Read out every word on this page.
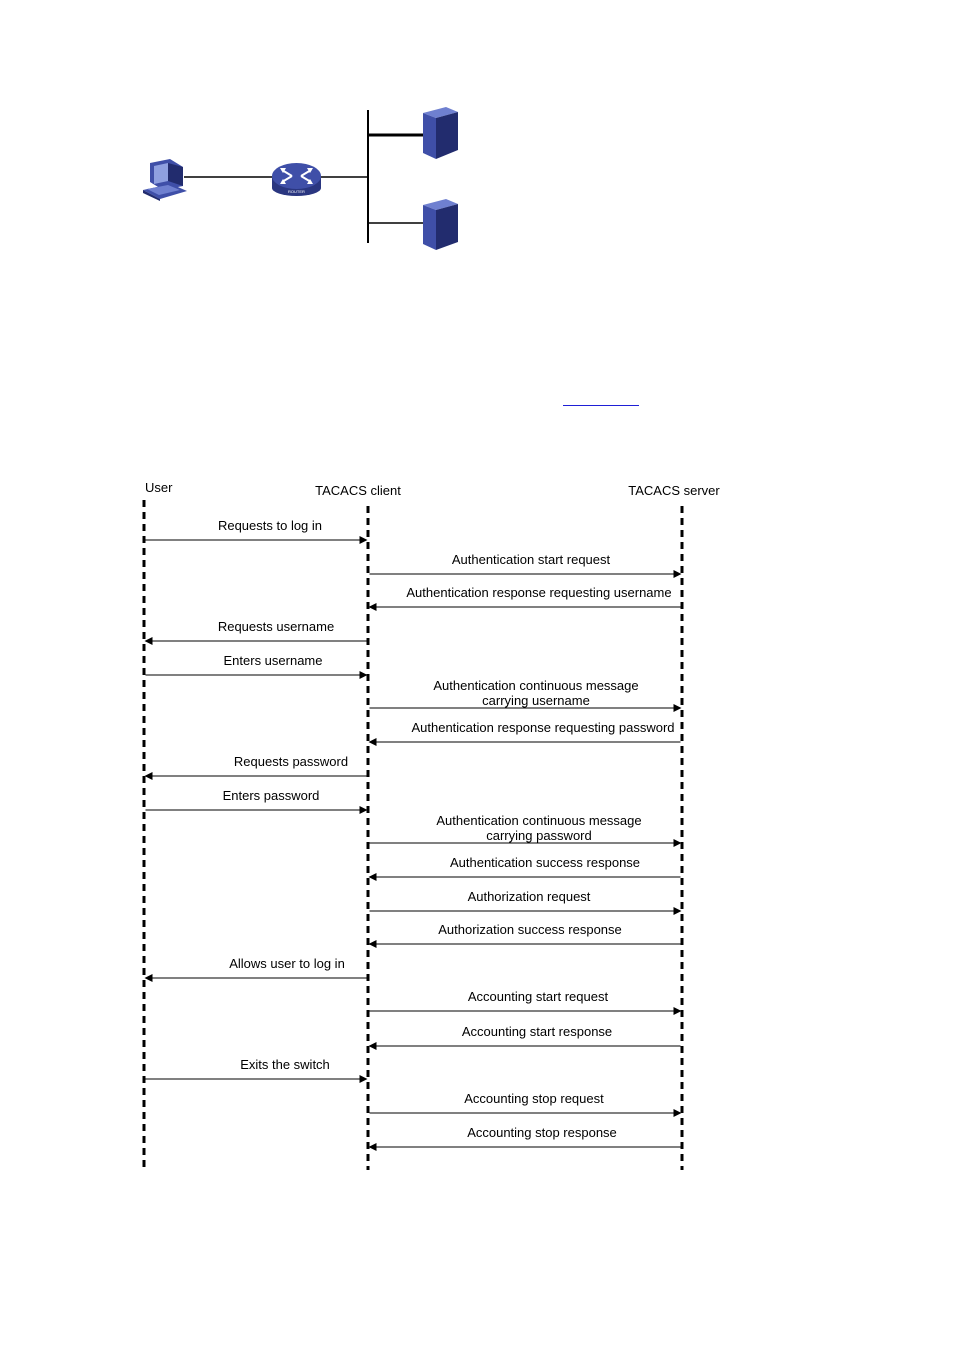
ROUTER
User	TACACS client	TACACS server
Requests to log in
Authentication start request
Authentication response requesting username
Requests username
Enters username
Authentication continuous message
carrying username
Authentication response requesting password
Requests password
Enters password
Authentication continuous message
carrying password
Authentication success response
Authorization request
Authorization success response
Allows user to log in
Accounting start request
Accounting start response
Exits the switch
Accounting stop request
Accounting stop response
